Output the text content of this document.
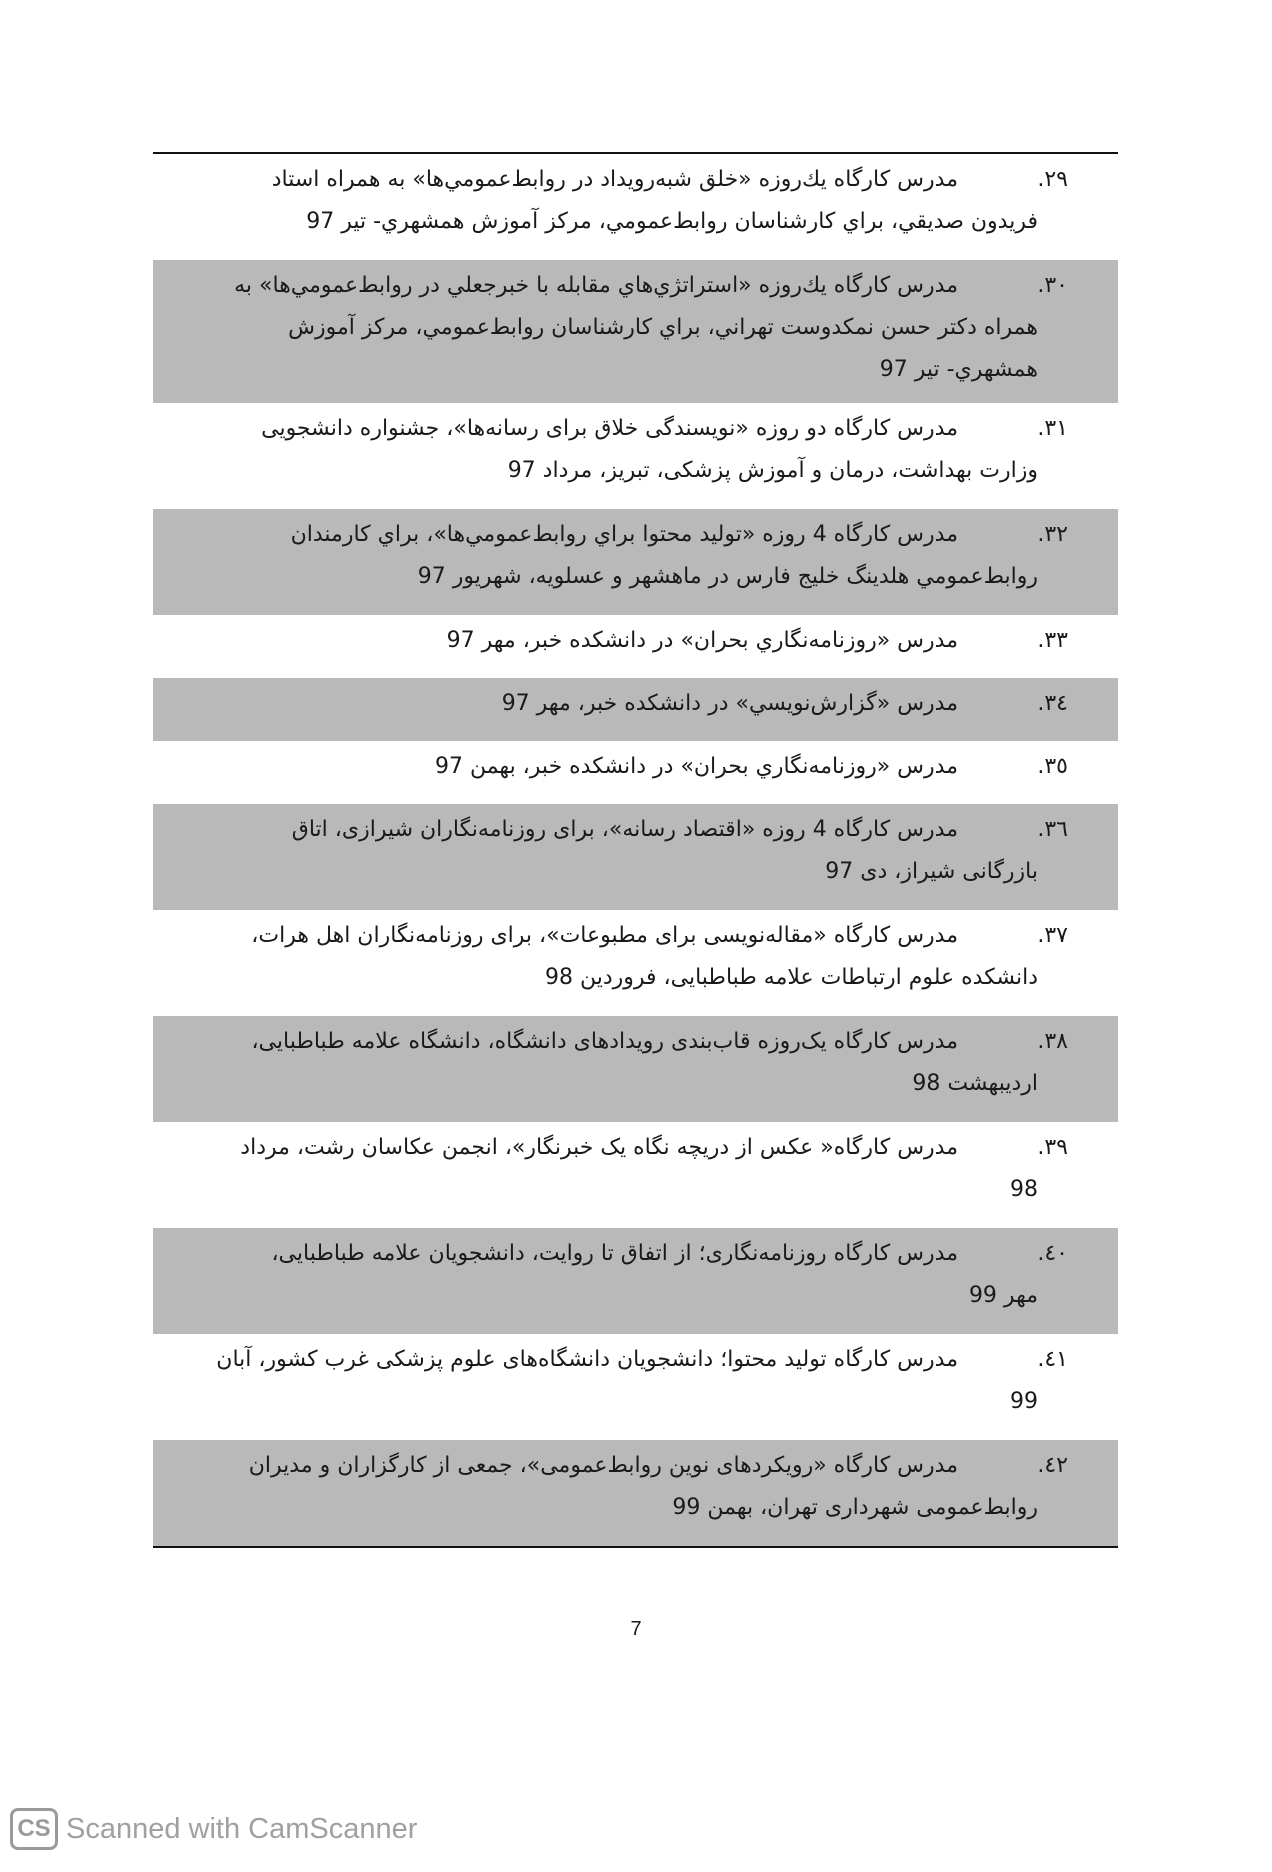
۲۹.
مدرس کارگاه يك‌روزه «خلق شبه‌رويداد در روابط‌عمومي‌ها» به همراه استاد
فريدون صديقي، براي كارشناسان روابط‌عمومي، مركز آموزش همشهري- تير 97
۳۰.
مدرس کارگاه يك‌روزه «استراتژي‌هاي مقابله با خبرجعلي در روابط‌عمومي‌ها» به
همراه دكتر حسن نمكدوست تهراني، براي كارشناسان روابط‌عمومي، مركز آموزش
همشهري- تير 97
۳۱.
مدرس کارگاه دو روزه «نویسندگی خلاق برای رسانه‌ها»، جشنواره دانشجویی
وزارت بهداشت، درمان و آموزش پزشکی، تبریز، مرداد 97
۳۲.
مدرس کارگاه 4 روزه «توليد محتوا براي روابط‌عمومي‌ها»، براي كارمندان
روابط‌عمومي هلدينگ خليج فارس در ماهشهر و عسلويه، شهريور 97
۳۳.
مدرس «روزنامه‌نگاري بحران» در دانشكده خبر، مهر 97
۳٤.
مدرس «گزارش‌نويسي» در دانشكده خبر، مهر 97
۳٥.
مدرس «روزنامه‌نگاري بحران» در دانشكده خبر، بهمن 97
۳٦.
مدرس کارگاه 4 روزه «اقتصاد رسانه»، برای روزنامه‌نگاران شیرازی، اتاق
بازرگانی شیراز، دی 97
۳۷.
مدرس کارگاه «مقاله‌نویسی برای مطبوعات»، برای روزنامه‌نگاران اهل هرات،
دانشکده علوم ارتباطات علامه طباطبایی، فروردین 98
۳۸.
مدرس کارگاه یک‌روزه قاب‌بندی رویدادهای دانشگاه، دانشگاه علامه طباطبایی،
اردیبهشت 98
۳۹.
مدرس کارگاه« عکس از دریچه نگاه یک خبرنگار»، انجمن عکاسان رشت، مرداد
98
٤٠.
مدرس کارگاه روزنامه‌نگاری؛ از اتفاق تا روایت، دانشجویان علامه طباطبایی،
مهر 99
٤١.
مدرس کارگاه تولید محتوا؛ دانشجویان دانشگاه‌های علوم پزشکی غرب کشور، آبان
99
٤۲.
مدرس کارگاه «رویکردهای نوین روابط‌عمومی»، جمعی از کارگزاران و مدیران
روابط‌عمومی شهرداری تهران، بهمن 99
7
CS Scanned with CamScanner
